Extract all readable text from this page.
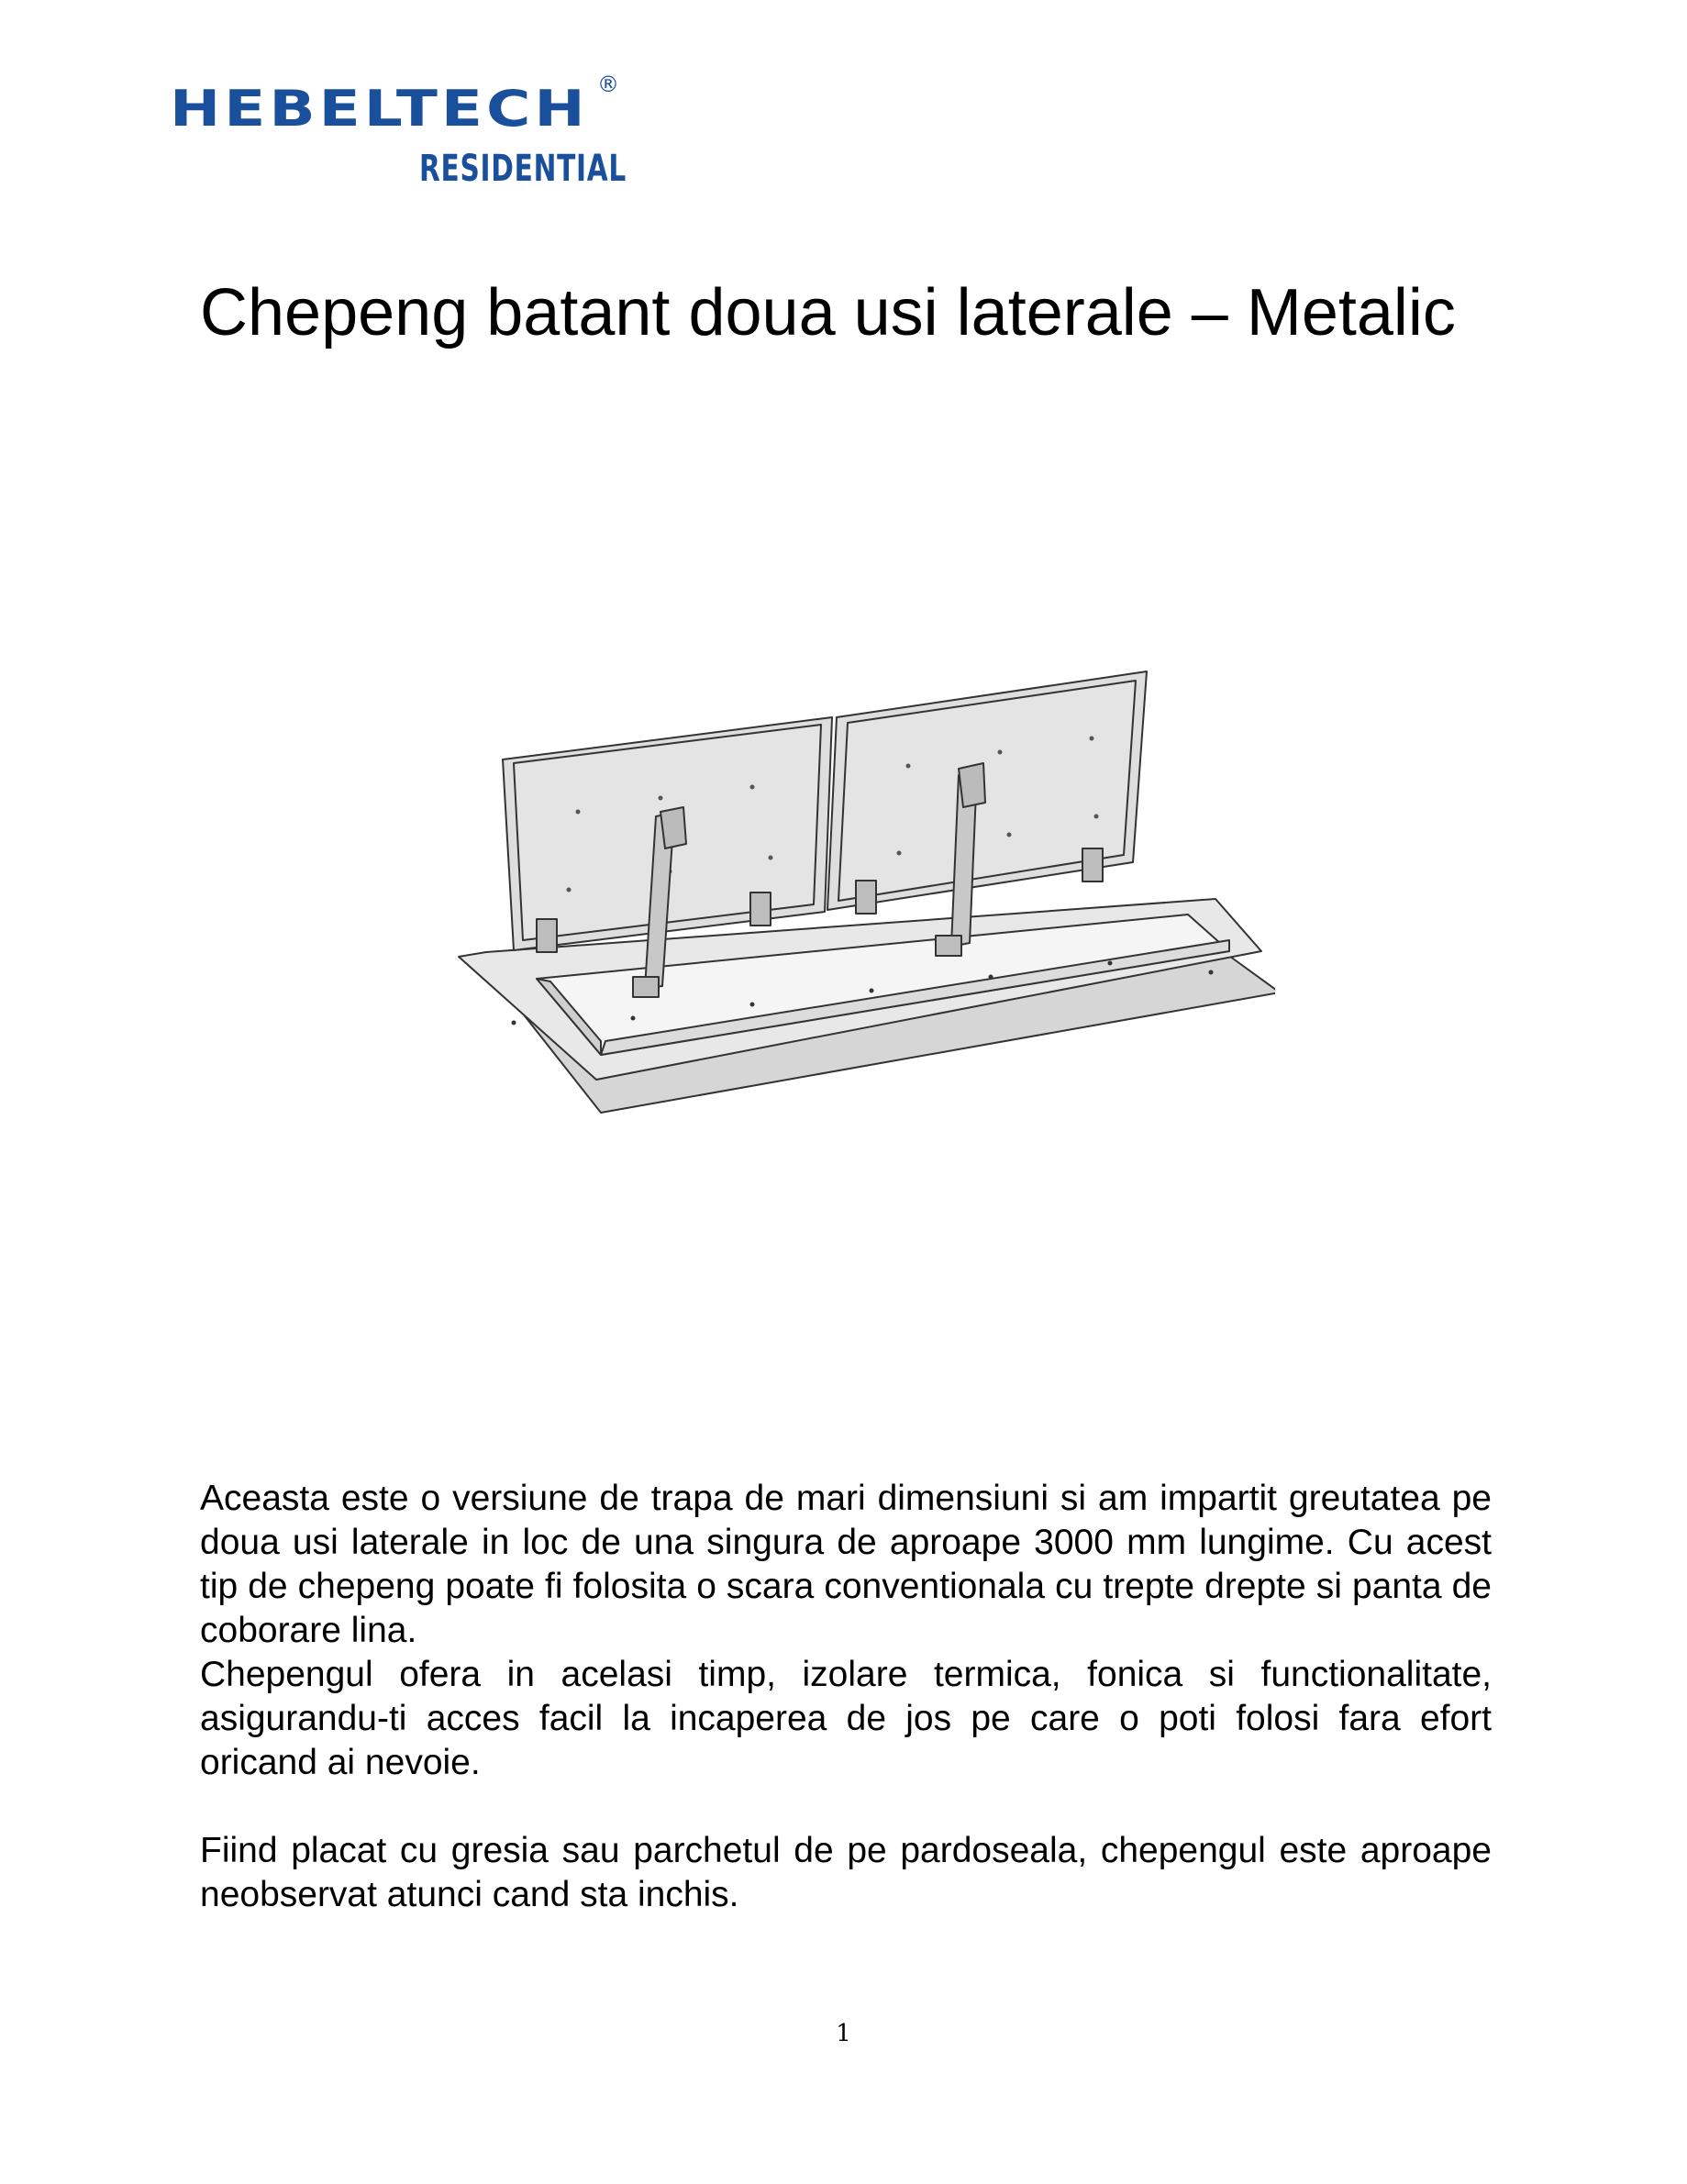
HEBELTECH ®
RESIDENTIAL
Chepeng batant doua usi laterale – Metalic

Aceasta este o versiune de trapa de mari dimensiuni si am impartit greutatea pe doua usi laterale in loc de una singura de aproape 3000 mm lungime. Cu acest tip de chepeng poate fi folosita o scara conventionala cu trepte drepte si panta de coborare lina.

Chepengul ofera in acelasi timp, izolare termica, fonica si functionalitate, asigurandu-ti acces facil la incaperea de jos pe care o poti folosi fara efort oricand ai nevoie.

Fiind placat cu gresia sau parchetul de pe pardoseala, chepengul este aproape neobservat atunci cand sta inchis.

1
